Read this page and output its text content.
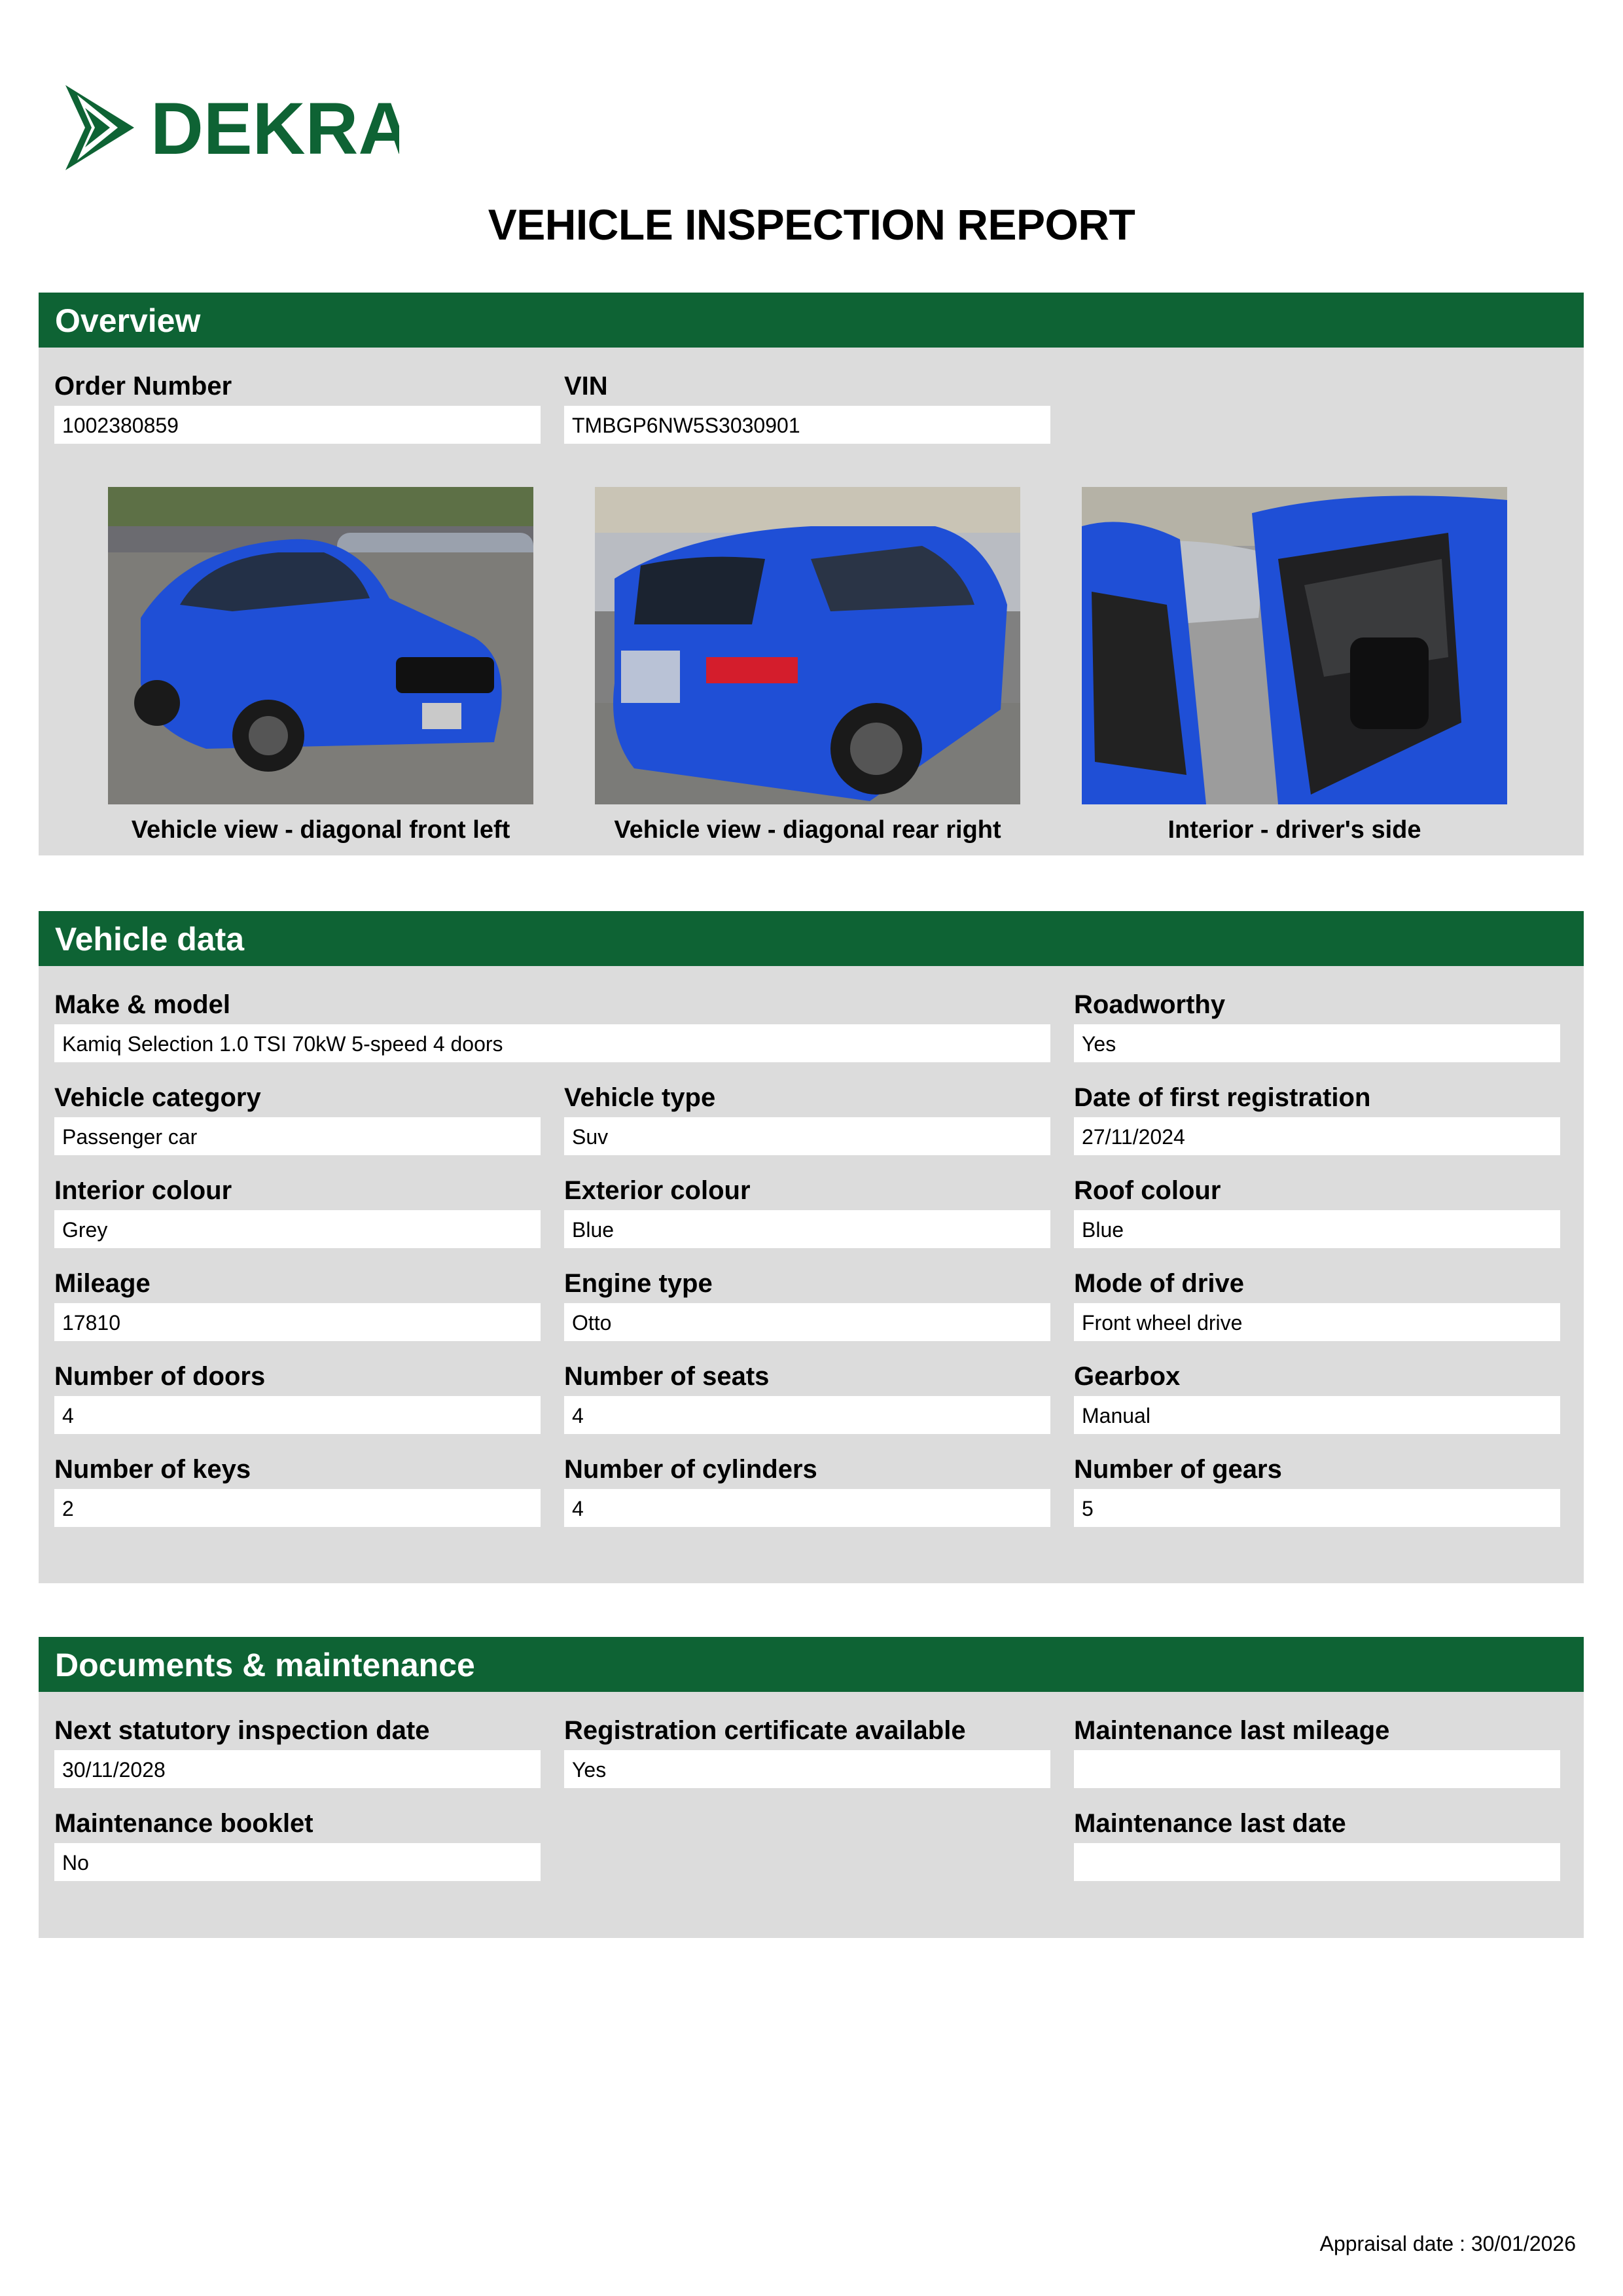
DEKRA
VEHICLE INSPECTION REPORT
Overview
Order Number
1002380859
VIN
TMBGP6NW5S3030901
Vehicle view - diagonal front left	Vehicle view - diagonal rear right	Interior - driver's side
Vehicle data
Make & model
Kamiq Selection 1.0 TSI 70kW 5-speed 4 doors
Roadworthy
Yes
Vehicle category
Passenger car
Vehicle type
Suv
Date of first registration
27/11/2024
Interior colour
Grey
Exterior colour
Blue
Roof colour
Blue
Mileage
17810
Engine type
Otto
Mode of drive
Front wheel drive
Number of doors
4
Number of seats
4
Gearbox
Manual
Number of keys
2
Number of cylinders
4
Number of gears
5
Documents & maintenance
Next statutory inspection date
30/11/2028
Registration certificate available
Yes
Maintenance last mileage
Maintenance booklet
No
Maintenance last date
Appraisal date : 30/01/2026
